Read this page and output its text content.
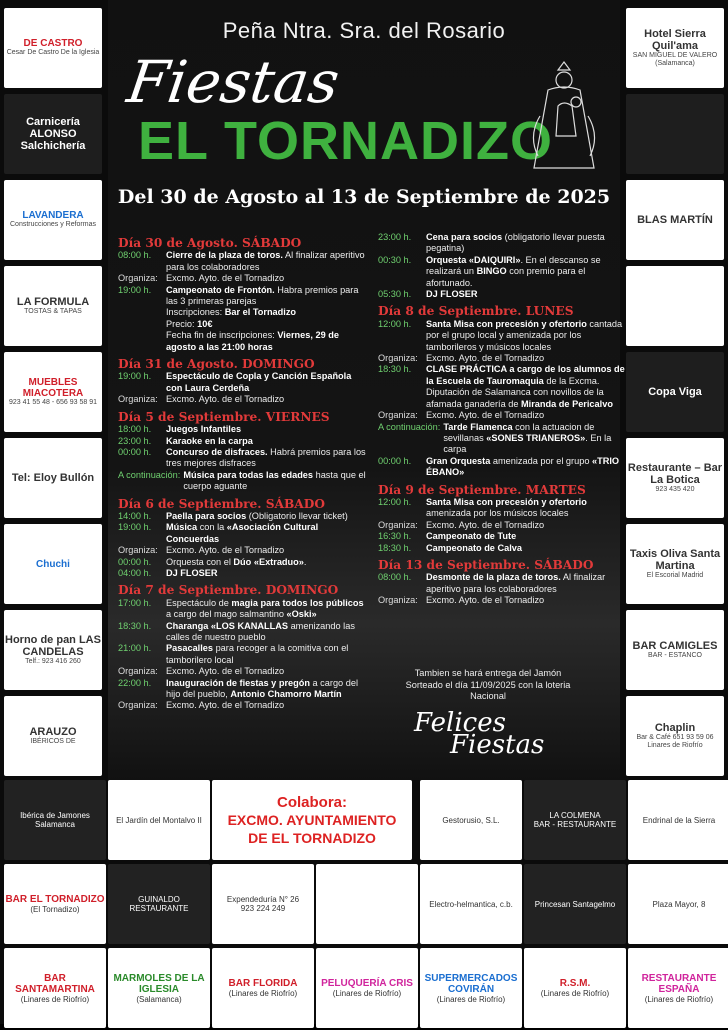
DE CASTRO
Cesar De Castro De la Iglesia
Carnicería ALONSO Salchichería
LAVANDERA
Construcciones y Reformas
LA FORMULA
TOSTAS & TAPAS
MUEBLES MIACOTERA
923 41 55 48 - 656 93 58 91
Tel: Eloy Bullón
Chuchi
Horno de pan LAS CANDELAS
Telf.: 923 416 260
ARAUZO
IBÉRICOS DE
Hotel Sierra Quil'ama
SAN MIGUEL DE VALERO (Salamanca)
BLAS MARTÍN
Copa Viga
Restaurante – Bar La Botica
923 435 420
Taxis Oliva Santa Martina
El Escorial Madrid
BAR CAMIGLES
BAR - ESTANCO
Chaplin
Bar & Café 651 93 59 06 Linares de Riofrío
Peña Ntra. Sra. del Rosario
Fiestas
EL TORNADIZO
Del 30 de Agosto al 13 de Septiembre de 2025
Día 30 de Agosto. SÁBADO
08:00 h.	Cierre de la plaza de toros. Al finalizar aperitivo para los colaboradores
Organiza: Excmo. Ayto. de el Tornadizo
19:00 h.	Campeonato de Frontón. Habra premios para las 3 primeras parejas
Inscripciones: Bar el Tornadizo
Precio: 10€
Fecha fin de inscripciones: Viernes, 29 de agosto a las 21:00 horas
Día 31 de Agosto. DOMINGO
19:00 h.	Espectáculo de Copla y Canción Española con Laura Cerdeña
Organiza: Excmo. Ayto. de el Tornadizo
Día 5 de Septiembre. VIERNES
18:00 h.	Juegos Infantiles
23:00 h.	Karaoke en la carpa
00:00 h.	Concurso de disfraces. Habrá premios para los tres mejores disfraces
A continuación: Música para todas las edades hasta que el cuerpo aguante
Día 6 de Septiembre. SÁBADO
14:00 h.	Paella para socios (Obligatorio llevar ticket)
19:00 h.	Música con la «Asociación Cultural Concuerdas
Organiza: Excmo. Ayto. de el Tornadizo
00:00 h.	Orquesta con el Dúo «Extraduo».
04:00 h.	DJ FLOSER
Día 7 de Septiembre. DOMINGO
17:00 h.	Espectáculo de magia para todos los públicos a cargo del mago salmantino «Oski»
18:30 h.	Charanga «LOS KANALLAS amenizando las calles de nuestro pueblo
21:00 h.	Pasacalles para recoger a la comitiva con el tamborilero local
Organiza: Excmo. Ayto. de el Tornadizo
22:00 h.	Inauguración de fiestas y pregón a cargo del hijo del pueblo, Antonio Chamorro Martín
Organiza: Excmo. Ayto. de el Tornadizo
23:00 h.	Cena para socios (obligatorio llevar puesta pegatina)
00:30 h.	Orquesta «DAIQUIRI». En el descanso se realizará un BINGO con premio para el afortunado.
05:30 h.	DJ FLOSER
Día 8 de Septiembre. LUNES
12:00 h.	Santa Misa con precesión y ofertorio cantada por el grupo local y amenizada por los tamborileros y músicos locales
Organiza: Excmo. Ayto. de el Tornadizo
18:30 h.	CLASE PRÁCTICA a cargo de los alumnos de la Escuela de Tauromaquia de la Excma. Diputación de Salamanca con novillos de la afamada ganadería de Miranda de Pericalvo
Organiza: Excmo. Ayto. de el Tornadizo
A continuación: Tarde Flamenca con la actuacion de sevillanas «SONES TRIANEROS». En la carpa
00:00 h.	Gran Orquesta amenizada por el grupo «TRIO ÉBANO»
Día 9 de Septiembre. MARTES
12:00 h.	Santa Misa con precesión y ofertorio amenizada por los músicos locales
Organiza: Excmo. Ayto. de el Tornadizo
16:30 h.	Campeonato de Tute
18:30 h.	Campeonato de Calva
Día 13 de Septiembre. SÁBADO
08:00 h.	Desmonte de la plaza de toros. Al finalizar aperitivo para los colaboradores
Organiza: Excmo. Ayto. de el Tornadizo
Tambien se hará entrega del Jamón Sorteado el día 11/09/2025 con la loteria Nacional
Felices
Fiestas
Colabora:
EXCMO. AYUNTAMIENTO
DE EL TORNADIZO
Ibérica de Jamones
Salamanca	El Jardín del Montalvo II	Gestorusio, S.L.	LA COLMENA
BAR - RESTAURANTE	Endrinal de la Sierra
BAR EL TORNADIZO
(El Tornadizo)
GUINALDO
RESTAURANTE
Expendeduría N° 26
923 224 249	Electro-helmantica, c.b.	Princesan Santagelmo	Plaza Mayor, 8
BAR SANTAMARTINA
(Linares de Riofrío)
MARMOLES DE LA IGLESIA
(Salamanca)
BAR FLORIDA
(Linares de Riofrío)
PELUQUERÍA CRIS
(Linares de Riofrío)
SUPERMERCADOS COVIRÁN
(Linares de Riofrío)
R.S.M.
(Linares de Riofrío)
RESTAURANTE ESPAÑA
(Linares de Riofrío)
